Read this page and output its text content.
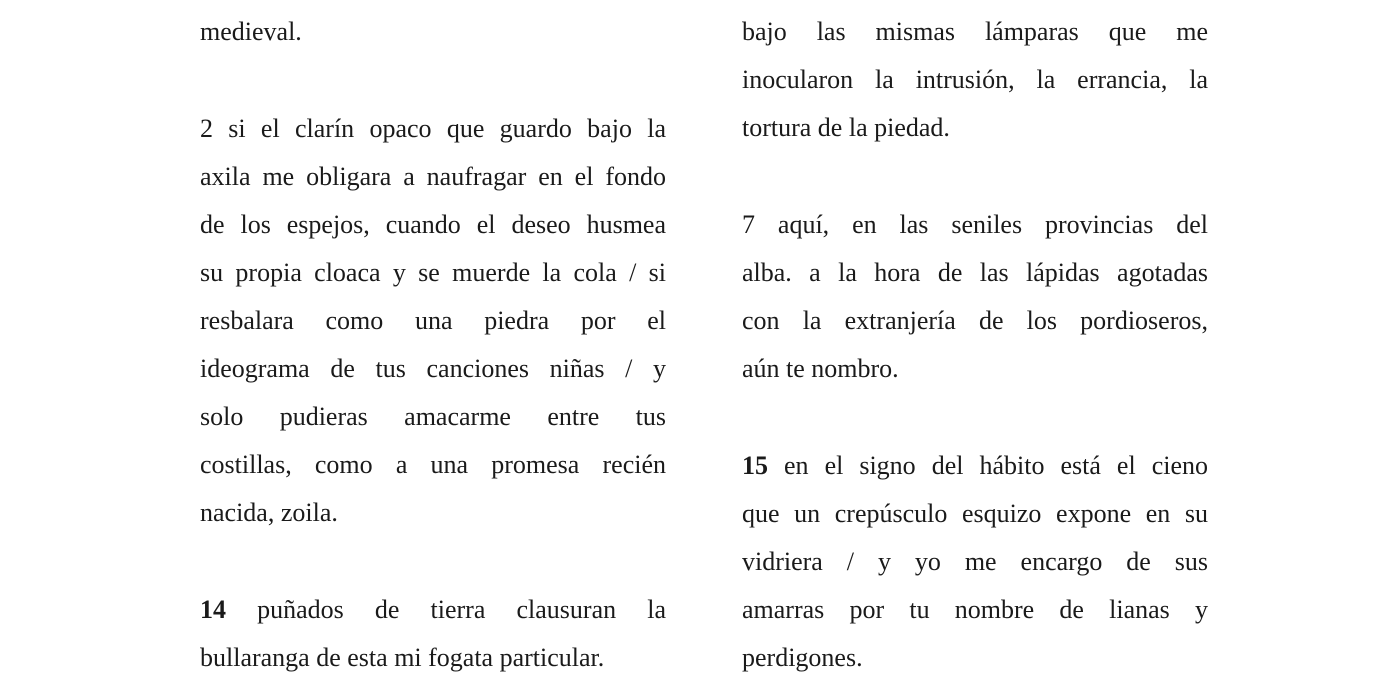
medieval.
2 si el clarín opaco que guardo bajo la
axila me obligara a naufragar en el fondo
de los espejos, cuando el deseo husmea
su propia cloaca y se muerde la cola / si
resbalara como una piedra por el
ideograma de tus canciones niñas / y
solo pudieras amacarme entre tus
costillas, como a una promesa recién
nacida, zoila.
14 puñados de tierra clausuran la
bullaranga de esta mi fogata particular.
bajo las mismas lámparas que me
inocularon la intrusión, la errancia, la
tortura de la piedad.
7 aquí, en las seniles provincias del
alba. a la hora de las lápidas agotadas
con la extranjería de los pordioseros,
aún te nombro.
15 en el signo del hábito está el cieno
que un crepúsculo esquizo expone en su
vidriera / y yo me encargo de sus
amarras por tu nombre de lianas y
perdigones.
